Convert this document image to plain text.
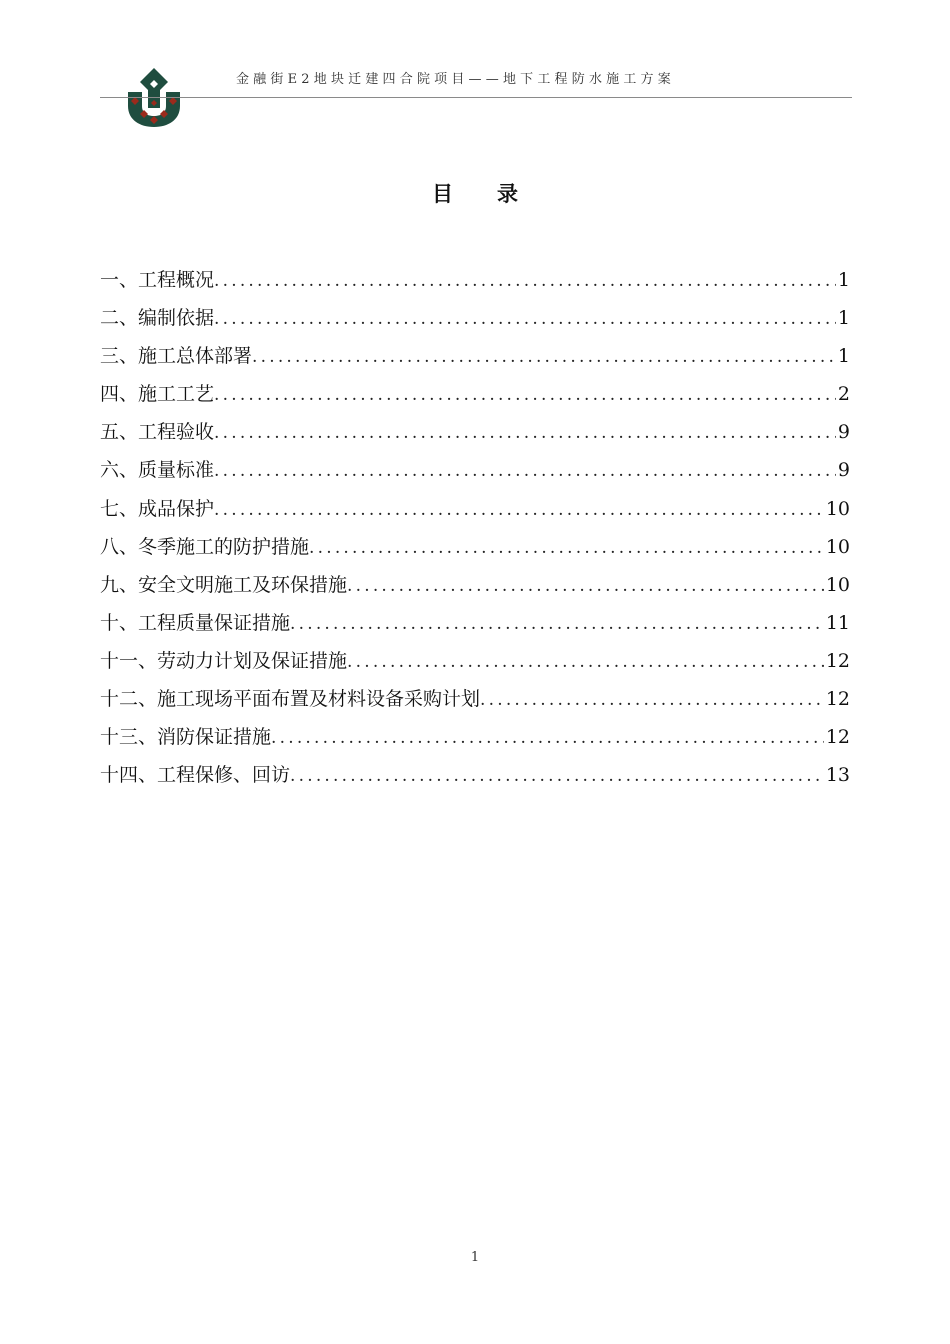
金融街E2地块迁建四合院项目——地下工程防水施工方案
目录
一、工程概况 .....	1
二、编制依据 .....	1
三、施工总体部署 .....	1
四、施工工艺 .....	2
五、工程验收 .....	9
六、质量标准 .....	9
七、成品保护 .....	10
八、冬季施工的防护措施 .....	10
九、安全文明施工及环保措施 .....	10
十、工程质量保证措施 .....	11
十一、劳动力计划及保证措施 .....	12
十二、施工现场平面布置及材料设备采购计划 .....	12
十三、消防保证措施 .....	12
十四、工程保修、回访 .....	13
1
